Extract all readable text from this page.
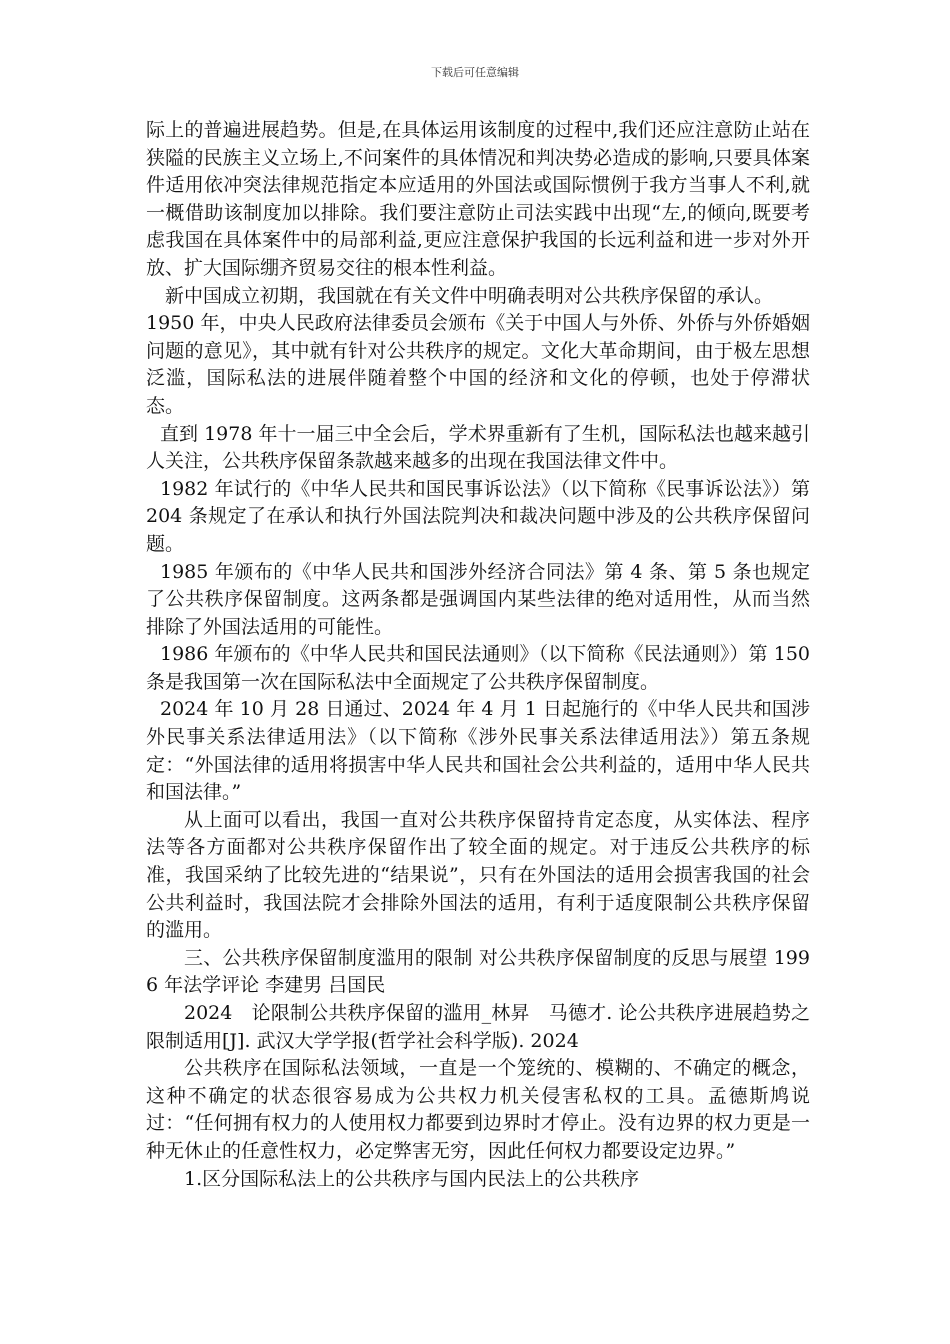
下载后可任意编辑

际上的普遍进展趋势。但是,在具体运用该制度的过程中,我们还应注意防止站在狭隘的民族主义立场上,不问案件的具体情况和判决势必造成的影响,只要具体案件适用依冲突法律规范指定本应适用的外国法或国际惯例于我方当事人不利,就一概借助该制度加以排除。我们要注意防止司法实践中出现“左,的倾向,既要考虑我国在具体案件中的局部利益,更应注意保护我国的长远利益和进一步对外开放、扩大国际绷齐贸易交往的根本性利益。

新中国成立初期，我国就在有关文件中明确表明对公共秩序保留的承认。

1950 年，中央人民政府法律委员会颁布《关于中国人与外侨、外侨与外侨婚姻问题的意见》，其中就有针对公共秩序的规定。文化大革命期间，由于极左思想泛滥，国际私法的进展伴随着整个中国的经济和文化的停顿，也处于停滞状态。

直到 1978 年十一届三中全会后，学术界重新有了生机，国际私法也越来越引人关注，公共秩序保留条款越来越多的出现在我国法律文件中。

1982 年试行的《中华人民共和国民事诉讼法》（以下简称《民事诉讼法》）第 204 条规定了在承认和执行外国法院判决和裁决问题中涉及的公共秩序保留问题。

1985 年颁布的《中华人民共和国涉外经济合同法》第 4 条、第 5 条也规定了公共秩序保留制度。这两条都是强调国内某些法律的绝对适用性，从而当然排除了外国法适用的可能性。

1986 年颁布的《中华人民共和国民法通则》（以下简称《民法通则》）第 150 条是我国第一次在国际私法中全面规定了公共秩序保留制度。

2024 年 10 月 28 日通过、2024 年 4 月 1 日起施行的《中华人民共和国涉外民事关系法律适用法》（以下简称《涉外民事关系法律适用法》）第五条规定：“外国法律的适用将损害中华人民共和国社会公共利益的，适用中华人民共和国法律。”

从上面可以看出，我国一直对公共秩序保留持肯定态度，从实体法、程序法等各方面都对公共秩序保留作出了较全面的规定。对于违反公共秩序的标准，我国采纳了比较先进的“结果说”，只有在外国法的适用会损害我国的社会公共利益时，我国法院才会排除外国法的适用，有利于适度限制公共秩序保留的滥用。

三、公共秩序保留制度滥用的限制 对公共秩序保留制度的反思与展望 1996 年法学评论 李建男 吕国民

2024　论限制公共秩序保留的滥用_林昇　马德才. 论公共秩序进展趋势之限制适用[J]. 武汉大学学报(哲学社会科学版). 2024

公共秩序在国际私法领域，一直是一个笼统的、模糊的、不确定的概念，这种不确定的状态很容易成为公共权力机关侵害私权的工具。孟德斯鸠说过：“任何拥有权力的人使用权力都要到边界时才停止。没有边界的权力更是一种无休止的任意性权力，必定弊害无穷，因此任何权力都要设定边界。”

1.区分国际私法上的公共秩序与国内民法上的公共秩序
